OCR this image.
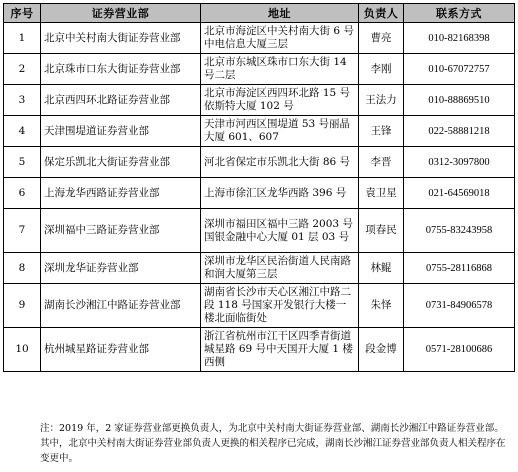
序号	证券营业部	地址	负责人	联系方式
1	北京中关村南大街证券营业部	北京市海淀区中关村南大街 6 号中电信息大厦三层	曹亮	010-82168398
2	北京珠市口东大街证券营业部	北京市东城区珠市口东大街 14 号二层	李刚	010-67072757
3	北京西四环北路证券营业部	北京市海淀区西四环北路 15 号依斯特大厦 102 号	王法力	010-88869510
4	天津围堤道证券营业部	天津市河西区围堤道 53 号丽晶大厦 601、607	王锋	022-58881218
5	保定乐凯北大街证券营业部	河北省保定市乐凯北大街 86 号	李晋	0312-3097800
6	上海龙华西路证券营业部	上海市徐汇区龙华西路 396 号	袁卫星	021-64569018
7	深圳福中三路证券营业部	深圳市福田区福中三路 2003 号国银金融中心大厦 01 层 03 号	项春民	0755-83243958
8	深圳龙华证券营业部	深圳市龙华区民治街道人民南路和润大厦第三层	林鲲	0755-28116868
9	湖南长沙湘江中路证券营业部	湖南省长沙市天心区湘江中路二段 118 号国家开发银行大楼一楼北面临街处	朱怿	0731-84906578
10	杭州城星路证券营业部	浙江省杭州市江干区四季青街道城星路 69 号中天国开大厦 1 楼西侧	段金博	0571-28100686
注：2019 年，2 家证券营业部更换负责人，为北京中关村南大街证券营业部、湖南长沙湘江中路证券营业部。其中，北京中关村南大街证券营业部负责人更换的相关程序已完成，湖南长沙湘江证券营业部负责人相关程序在变更中。
